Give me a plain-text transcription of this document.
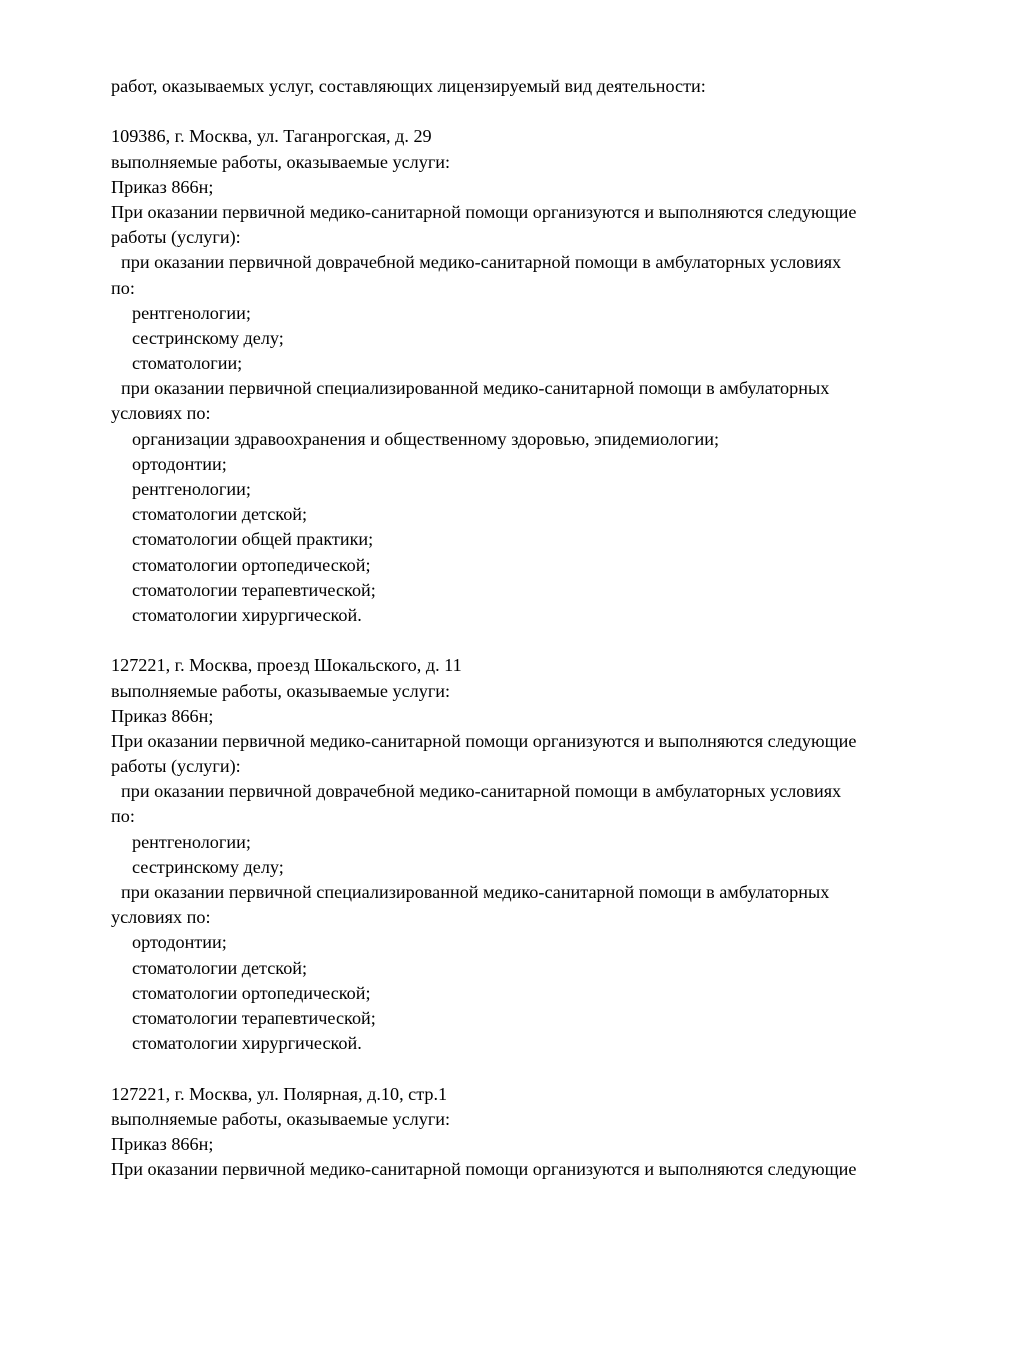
работ, оказываемых услуг, составляющих лицензируемый вид деятельности:
109386, г. Москва, ул. Таганрогская, д. 29
выполняемые работы, оказываемые услуги:
Приказ 866н;
При оказании первичной медико-санитарной помощи организуются и выполняются следующие
работы (услуги):
при оказании первичной доврачебной медико-санитарной помощи в амбулаторных условиях
по:
рентгенологии;
сестринскому делу;
стоматологии;
при оказании первичной специализированной медико-санитарной помощи в амбулаторных
условиях по:
организации здравоохранения и общественному здоровью, эпидемиологии;
ортодонтии;
рентгенологии;
стоматологии детской;
стоматологии общей практики;
стоматологии ортопедической;
стоматологии терапевтической;
стоматологии хирургической.
127221, г. Москва, проезд Шокальского, д. 11
выполняемые работы, оказываемые услуги:
Приказ 866н;
При оказании первичной медико-санитарной помощи организуются и выполняются следующие
работы (услуги):
при оказании первичной доврачебной медико-санитарной помощи в амбулаторных условиях
по:
рентгенологии;
сестринскому делу;
при оказании первичной специализированной медико-санитарной помощи в амбулаторных
условиях по:
ортодонтии;
стоматологии детской;
стоматологии ортопедической;
стоматологии терапевтической;
стоматологии хирургической.
127221, г. Москва, ул. Полярная, д.10, стр.1
выполняемые работы, оказываемые услуги:
Приказ 866н;
При оказании первичной медико-санитарной помощи организуются и выполняются следующие
